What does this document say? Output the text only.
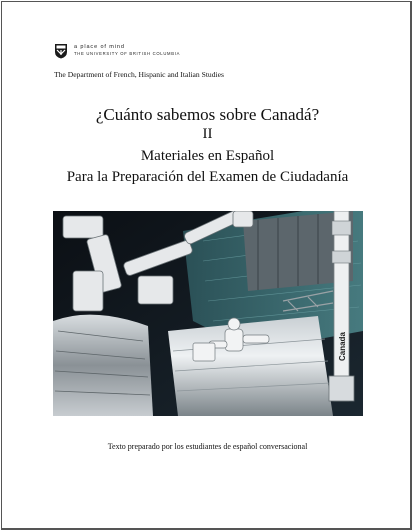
a place of mind
THE UNIVERSITY OF BRITISH COLUMBIA
The Department of French, Hispanic and Italian Studies
¿Cuánto sabemos sobre Canadá?
II
Materiales en Español
Para la Preparación del Examen de Ciudadanía
Canada
Texto preparado por los estudiantes de español conversacional
